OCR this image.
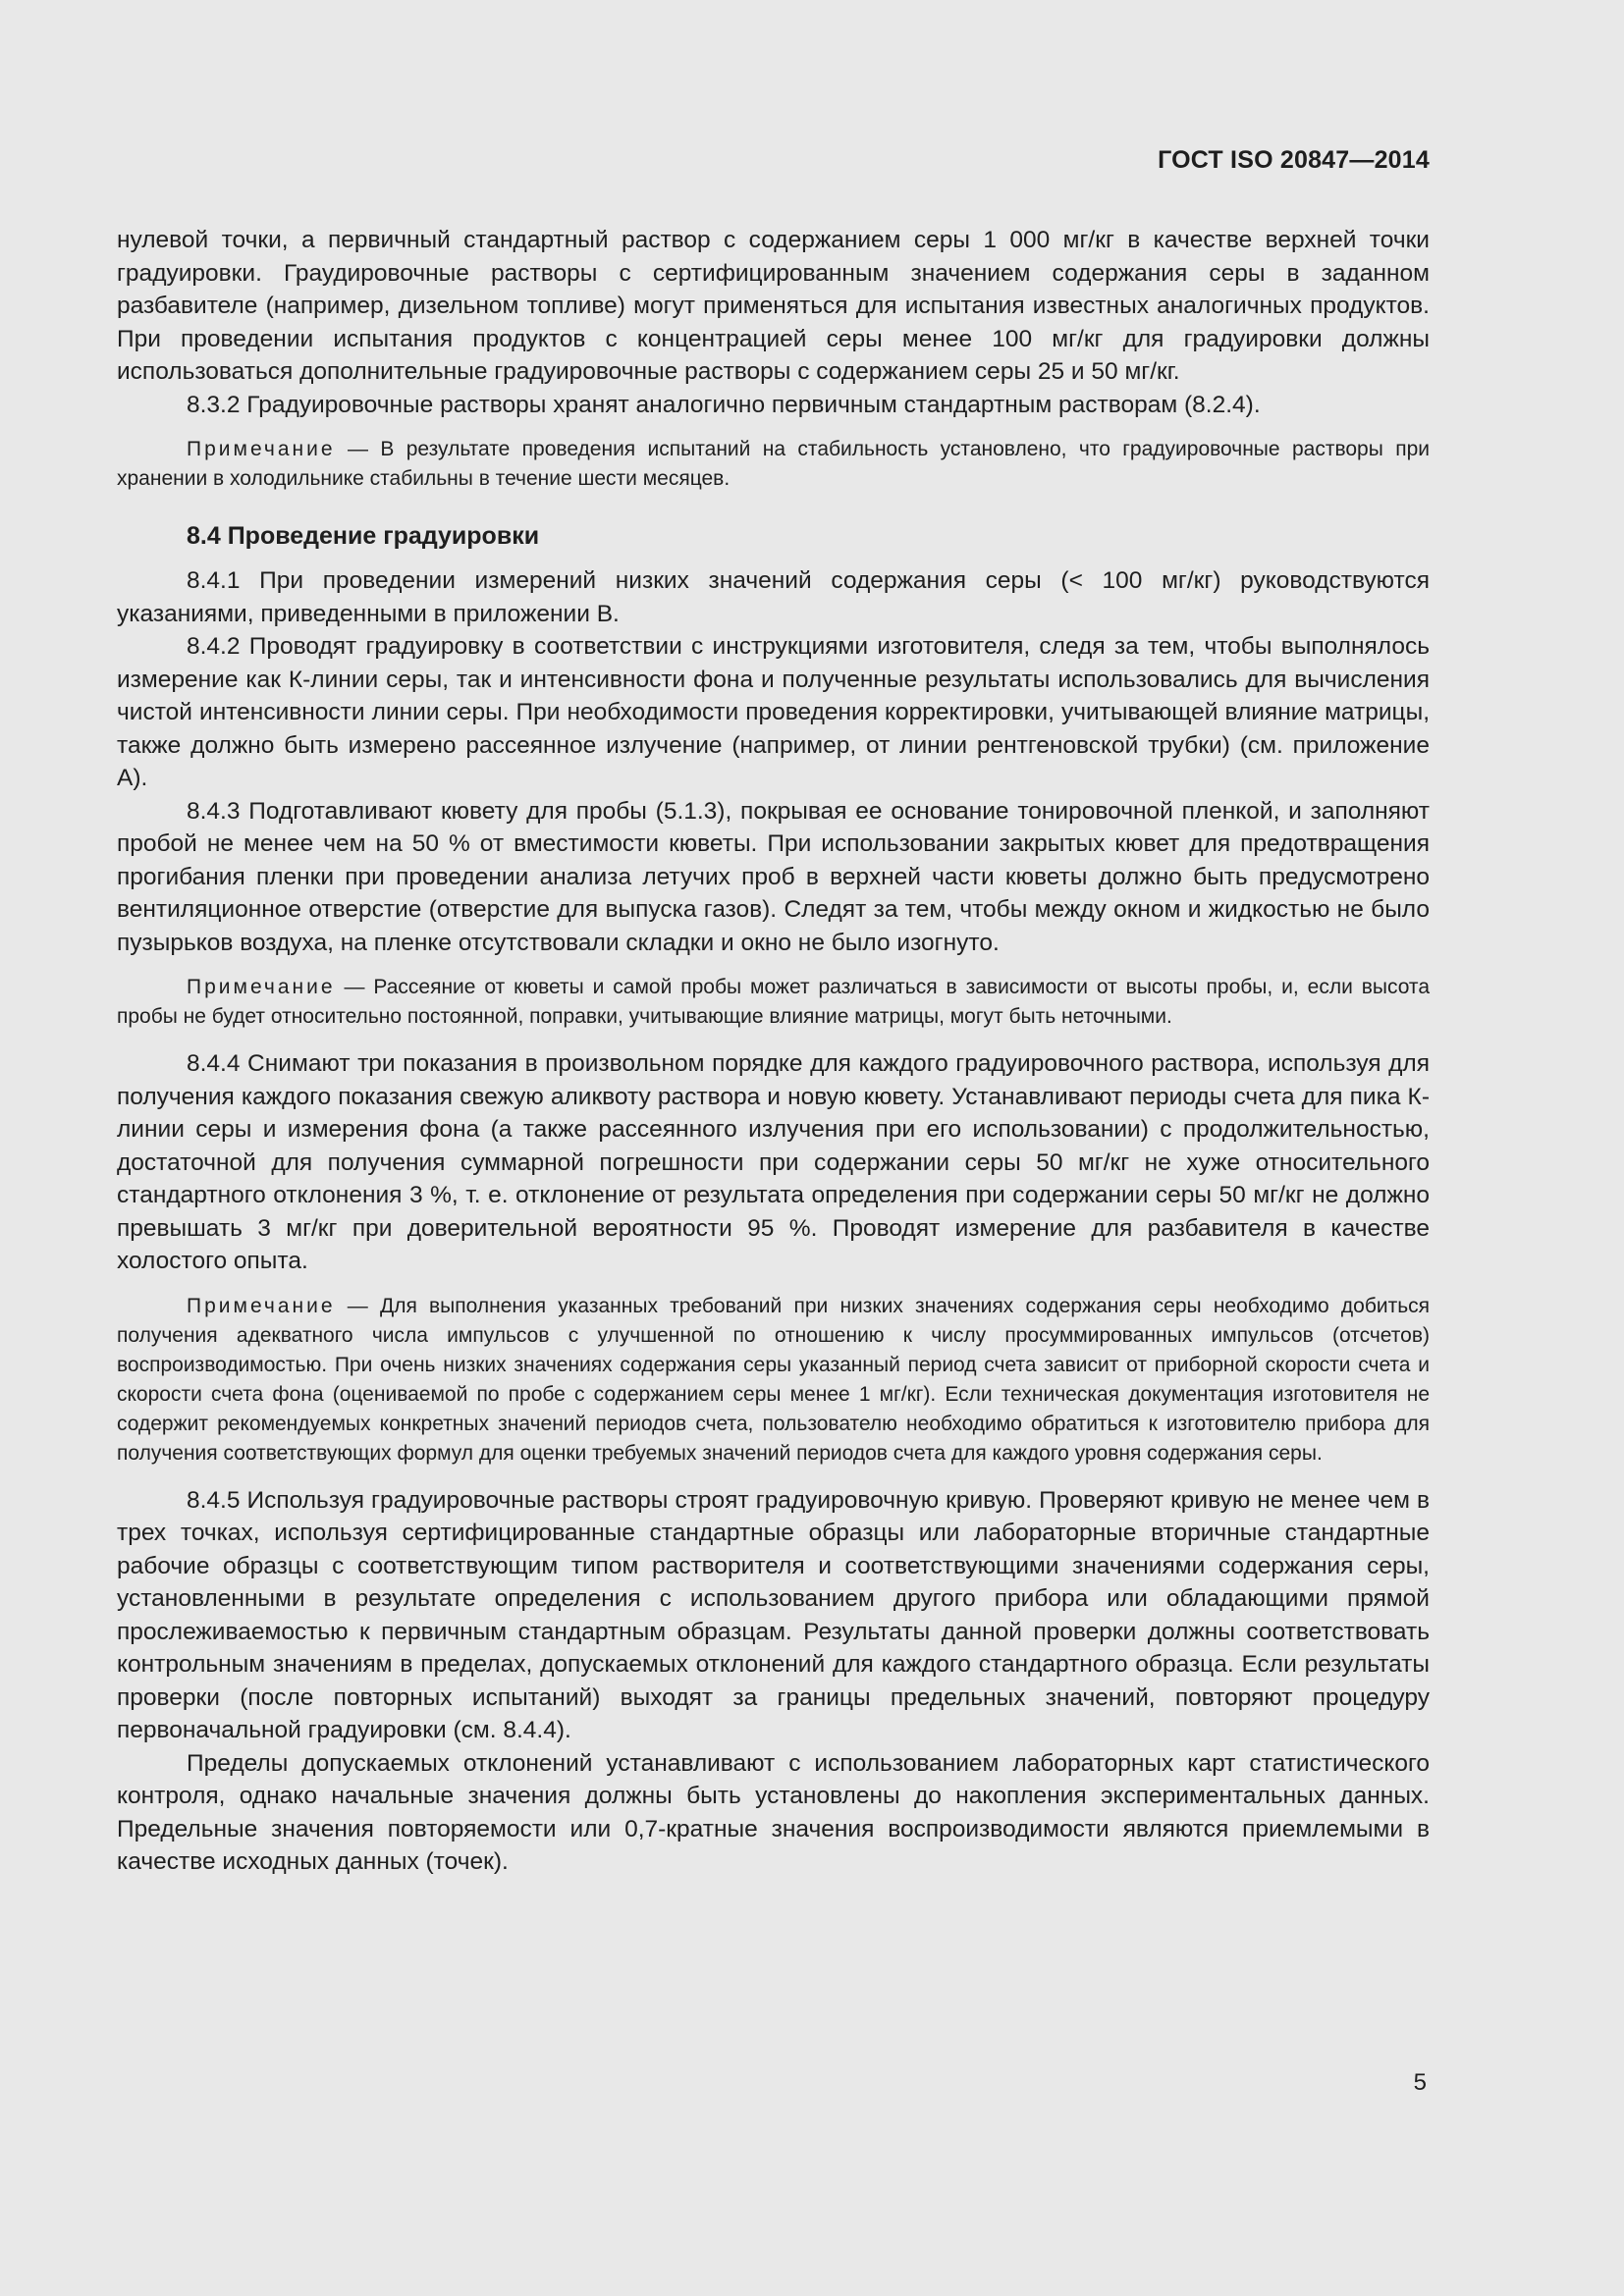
ГОСТ ISO 20847—2014

нулевой точки, а первичный стандартный раствор с содержанием серы 1 000 мг/кг в качестве верхней точки градуировки. Граудировочные растворы с сертифицированным значением содержания серы в заданном разбавителе (например, дизельном топливе) могут применяться для испытания известных аналогичных продуктов. При проведении испытания продуктов с концентрацией серы менее 100 мг/кг для градуировки должны использоваться дополнительные градуировочные растворы с содержанием серы 25 и 50 мг/кг.

8.3.2 Градуировочные растворы хранят аналогично первичным стандартным растворам (8.2.4).

Примечание — В результате проведения испытаний на стабильность установлено, что градуировочные растворы при хранении в холодильнике стабильны в течение шести месяцев.
8.4 Проведение градуировки

8.4.1 При проведении измерений низких значений содержания серы (< 100 мг/кг) руководствуются указаниями, приведенными в приложении В.

8.4.2 Проводят градуировку в соответствии с инструкциями изготовителя, следя за тем, чтобы выполнялось измерение как К-линии серы, так и интенсивности фона и полученные результаты использовались для вычисления чистой интенсивности линии серы. При необходимости проведения корректировки, учитывающей влияние матрицы, также должно быть измерено рассеянное излучение (например, от линии рентгеновской трубки) (см. приложение А).

8.4.3 Подготавливают кювету для пробы (5.1.3), покрывая ее основание тонировочной пленкой, и заполняют пробой не менее чем на 50 % от вместимости кюветы. При использовании закрытых кювет для предотвращения прогибания пленки при проведении анализа летучих проб в верхней части кюветы должно быть предусмотрено вентиляционное отверстие (отверстие для выпуска газов). Следят за тем, чтобы между окном и жидкостью не было пузырьков воздуха, на пленке отсутствовали складки и окно не было изогнуто.

Примечание — Рассеяние от кюветы и самой пробы может различаться в зависимости от высоты пробы, и, если высота пробы не будет относительно постоянной, поправки, учитывающие влияние матрицы, могут быть неточными.

8.4.4 Снимают три показания в произвольном порядке для каждого градуировочного раствора, используя для получения каждого показания свежую аликвоту раствора и новую кювету. Устанавливают периоды счета для пика К-линии серы и измерения фона (а также рассеянного излучения при его использовании) с продолжительностью, достаточной для получения суммарной погрешности при содержании серы 50 мг/кг не хуже относительного стандартного отклонения 3 %, т. е. отклонение от результата определения при содержании серы 50 мг/кг не должно превышать 3 мг/кг при доверительной вероятности 95 %. Проводят измерение для разбавителя в качестве холостого опыта.

Примечание — Для выполнения указанных требований при низких значениях содержания серы необходимо добиться получения адекватного числа импульсов с улучшенной по отношению к числу просуммированных импульсов (отсчетов) воспроизводимостью. При очень низких значениях содержания серы указанный период счета зависит от приборной скорости счета и скорости счета фона (оцениваемой по пробе с содержанием серы менее 1 мг/кг). Если техническая документация изготовителя не содержит рекомендуемых конкретных значений периодов счета, пользователю необходимо обратиться к изготовителю прибора для получения соответствующих формул для оценки требуемых значений периодов счета для каждого уровня содержания серы.

8.4.5 Используя градуировочные растворы строят градуировочную кривую. Проверяют кривую не менее чем в трех точках, используя сертифицированные стандартные образцы или лабораторные вторичные стандартные рабочие образцы с соответствующим типом растворителя и соответствующими значениями содержания серы, установленными в результате определения с использованием другого прибора или обладающими прямой прослеживаемостью к первичным стандартным образцам. Результаты данной проверки должны соответствовать контрольным значениям в пределах, допускаемых отклонений для каждого стандартного образца. Если результаты проверки (после повторных испытаний) выходят за границы предельных значений, повторяют процедуру первоначальной градуировки (см. 8.4.4).

Пределы допускаемых отклонений устанавливают с использованием лабораторных карт статистического контроля, однако начальные значения должны быть установлены до накопления экспериментальных данных. Предельные значения повторяемости или 0,7-кратные значения воспроизводимости являются приемлемыми в качестве исходных данных (точек).

5
